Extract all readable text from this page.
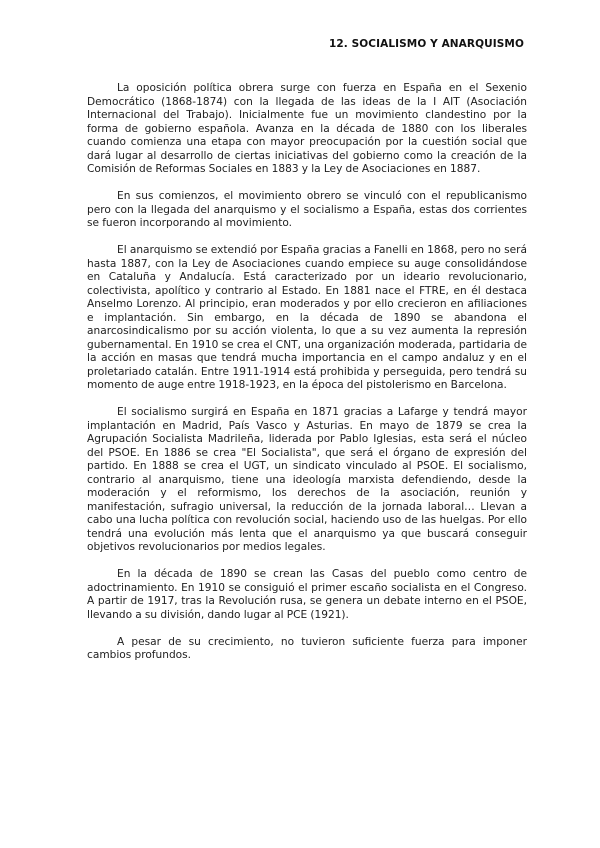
12. SOCIALISMO Y ANARQUISMO

La oposición política obrera surge con fuerza en España en el Sexenio Democrático (1868-1874) con la llegada de las ideas de la I AIT (Asociación Internacional del Trabajo). Inicialmente fue un movimiento clandestino por la forma de gobierno española. Avanza en la década de 1880 con los liberales cuando comienza una etapa con mayor preocupación por la cuestión social que dará lugar al desarrollo de ciertas iniciativas del gobierno como la creación de la Comisión de Reformas Sociales en 1883 y la Ley de Asociaciones en 1887.

En sus comienzos, el movimiento obrero se vinculó con el republicanismo pero con la llegada del anarquismo y el socialismo a España, estas dos corrientes se fueron incorporando al movimiento.

El anarquismo se extendió por España gracias a Fanelli en 1868, pero no será hasta 1887, con la Ley de Asociaciones cuando empiece su auge consolidándose en Cataluña y Andalucía. Está caracterizado por un ideario revolucionario, colectivista, apolítico y contrario al Estado. En 1881 nace el FTRE, en él destaca Anselmo Lorenzo. Al principio, eran moderados y por ello crecieron en afiliaciones e implantación. Sin embargo, en la década de 1890 se abandona el anarcosindicalismo por su acción violenta, lo que a su vez aumenta la represión gubernamental. En 1910 se crea el CNT, una organización moderada, partidaria de la acción en masas que tendrá mucha importancia en el campo andaluz y en el proletariado catalán. Entre 1911-1914 está prohibida y perseguida, pero tendrá su momento de auge entre 1918-1923, en la época del pistolerismo en Barcelona.

El socialismo surgirá en España en 1871 gracias a Lafarge y tendrá mayor implantación en Madrid, País Vasco y Asturias. En mayo de 1879 se crea la Agrupación Socialista Madrileña, liderada por Pablo Iglesias, esta será el núcleo del PSOE. En 1886 se crea "El Socialista", que será el órgano de expresión del partido. En 1888 se crea el UGT, un sindicato vinculado al PSOE. El socialismo, contrario al anarquismo, tiene una ideología marxista defendiendo, desde la moderación y el reformismo, los derechos de la asociación, reunión y manifestación, sufragio universal, la reducción de la jornada laboral… Llevan a cabo una lucha política con revolución social, haciendo uso de las huelgas. Por ello tendrá una evolución más lenta que el anarquismo ya que buscará conseguir objetivos revolucionarios por medios legales.

En la década de 1890 se crean las Casas del pueblo como centro de adoctrinamiento. En 1910 se consiguió el primer escaño socialista en el Congreso. A partir de 1917, tras la Revolución rusa, se genera un debate interno en el PSOE, llevando a su división, dando lugar al PCE (1921).

A pesar de su crecimiento, no tuvieron suficiente fuerza para imponer cambios profundos.
